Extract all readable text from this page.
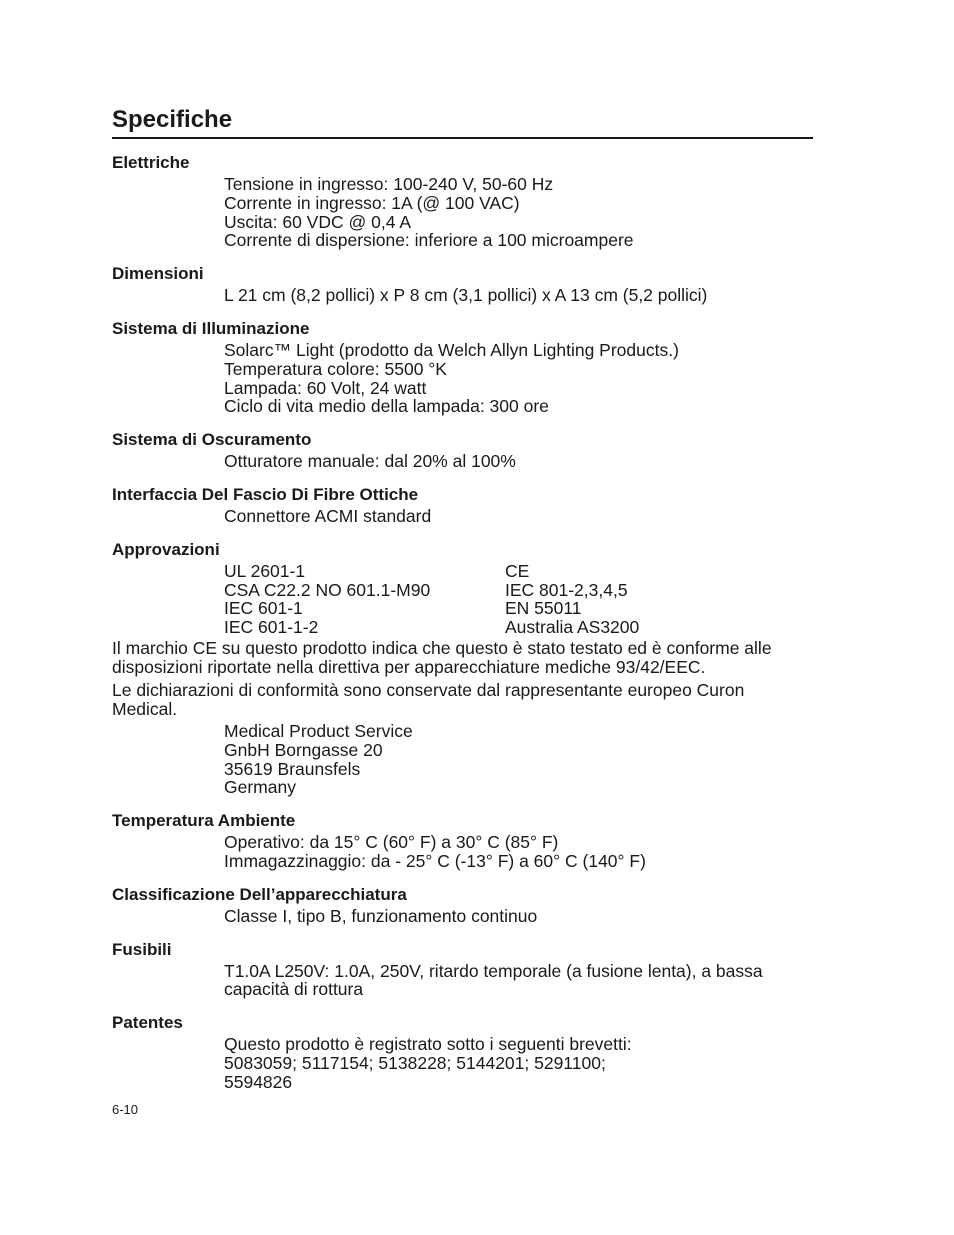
Specifiche
Elettriche
Tensione in ingresso: 100-240 V, 50-60 Hz
Corrente in ingresso: 1A (@ 100 VAC)
Uscita: 60 VDC @ 0,4 A
Corrente di dispersione: inferiore a 100 microampere
Dimensioni
L 21 cm (8,2 pollici) x P 8 cm (3,1 pollici) x A 13 cm (5,2 pollici)
Sistema di Illuminazione
Solarc™ Light (prodotto da Welch Allyn Lighting Products.)
Temperatura colore: 5500 °K
Lampada: 60 Volt, 24 watt
Ciclo di vita medio della lampada: 300 ore
Sistema di Oscuramento
Otturatore manuale: dal 20% al 100%
Interfaccia Del Fascio Di Fibre Ottiche
Connettore ACMI standard
Approvazioni
UL 2601-1	CE
CSA C22.2 NO 601.1-M90	IEC 801-2,3,4,5
IEC 601-1	EN 55011
IEC 601-1-2	Australia AS3200
Il marchio CE su questo prodotto indica che questo è stato testato ed è conforme alle disposizioni riportate nella direttiva per apparecchiature mediche 93/42/EEC.
Le dichiarazioni di conformità sono conservate dal rappresentante europeo Curon Medical.
Medical Product Service
GnbH Borngasse 20
35619 Braunsfels
Germany
Temperatura Ambiente
Operativo: da 15° C (60° F) a 30° C (85° F)
Immagazzinaggio: da - 25° C (-13° F) a 60° C (140° F)
Classificazione Dell’apparecchiatura
Classe I, tipo B, funzionamento continuo
Fusibili
T1.0A L250V: 1.0A, 250V, ritardo temporale (a fusione lenta), a bassa capacità di rottura
Patentes
Questo prodotto è registrato sotto i seguenti brevetti:
5083059; 5117154; 5138228; 5144201; 5291100;
5594826
6-10
